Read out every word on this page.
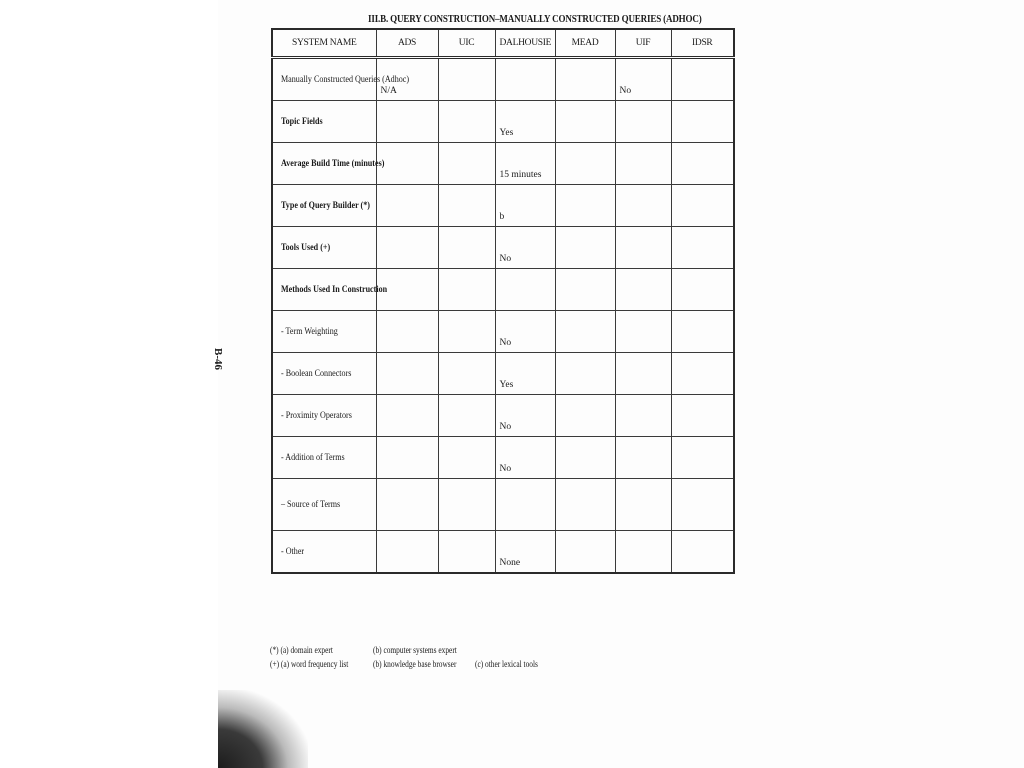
III.B. QUERY CONSTRUCTION–MANUALLY CONSTRUCTED QUERIES (ADHOC)
B-46
SYSTEM NAME	ADS	UIC	DALHOUSIE	MEAD	UIF	IDSR
Manually Constructed Queries (Adhoc)	N/A				No	
Topic Fields			Yes			
Average Build Time (minutes)			15 minutes			
Type of Query Builder (*)			b			
Tools Used (+)			No			
Methods Used In Construction						
- Term Weighting			No			
- Boolean Connectors			Yes			
- Proximity Operators			No			
- Addition of Terms			No			
– Source of Terms						
- Other			None			
(*) (a) domain expert	(b) computer systems expert
(+) (a) word frequency list	(b) knowledge base browser (c) other lexical tools
